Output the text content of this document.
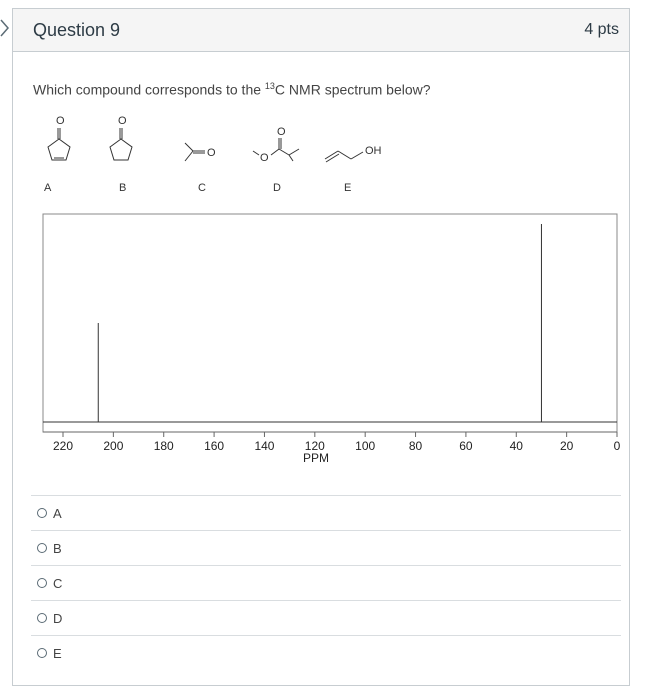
Question 9	4 pts
Which compound corresponds to the $^{13}$C NMR spectrum below?
O
A
O
B
O
C
O
O
D
OH
E
220	200	180	160	140	120	100	80	60	40	20	0
PPM
A
B
C
D
E
